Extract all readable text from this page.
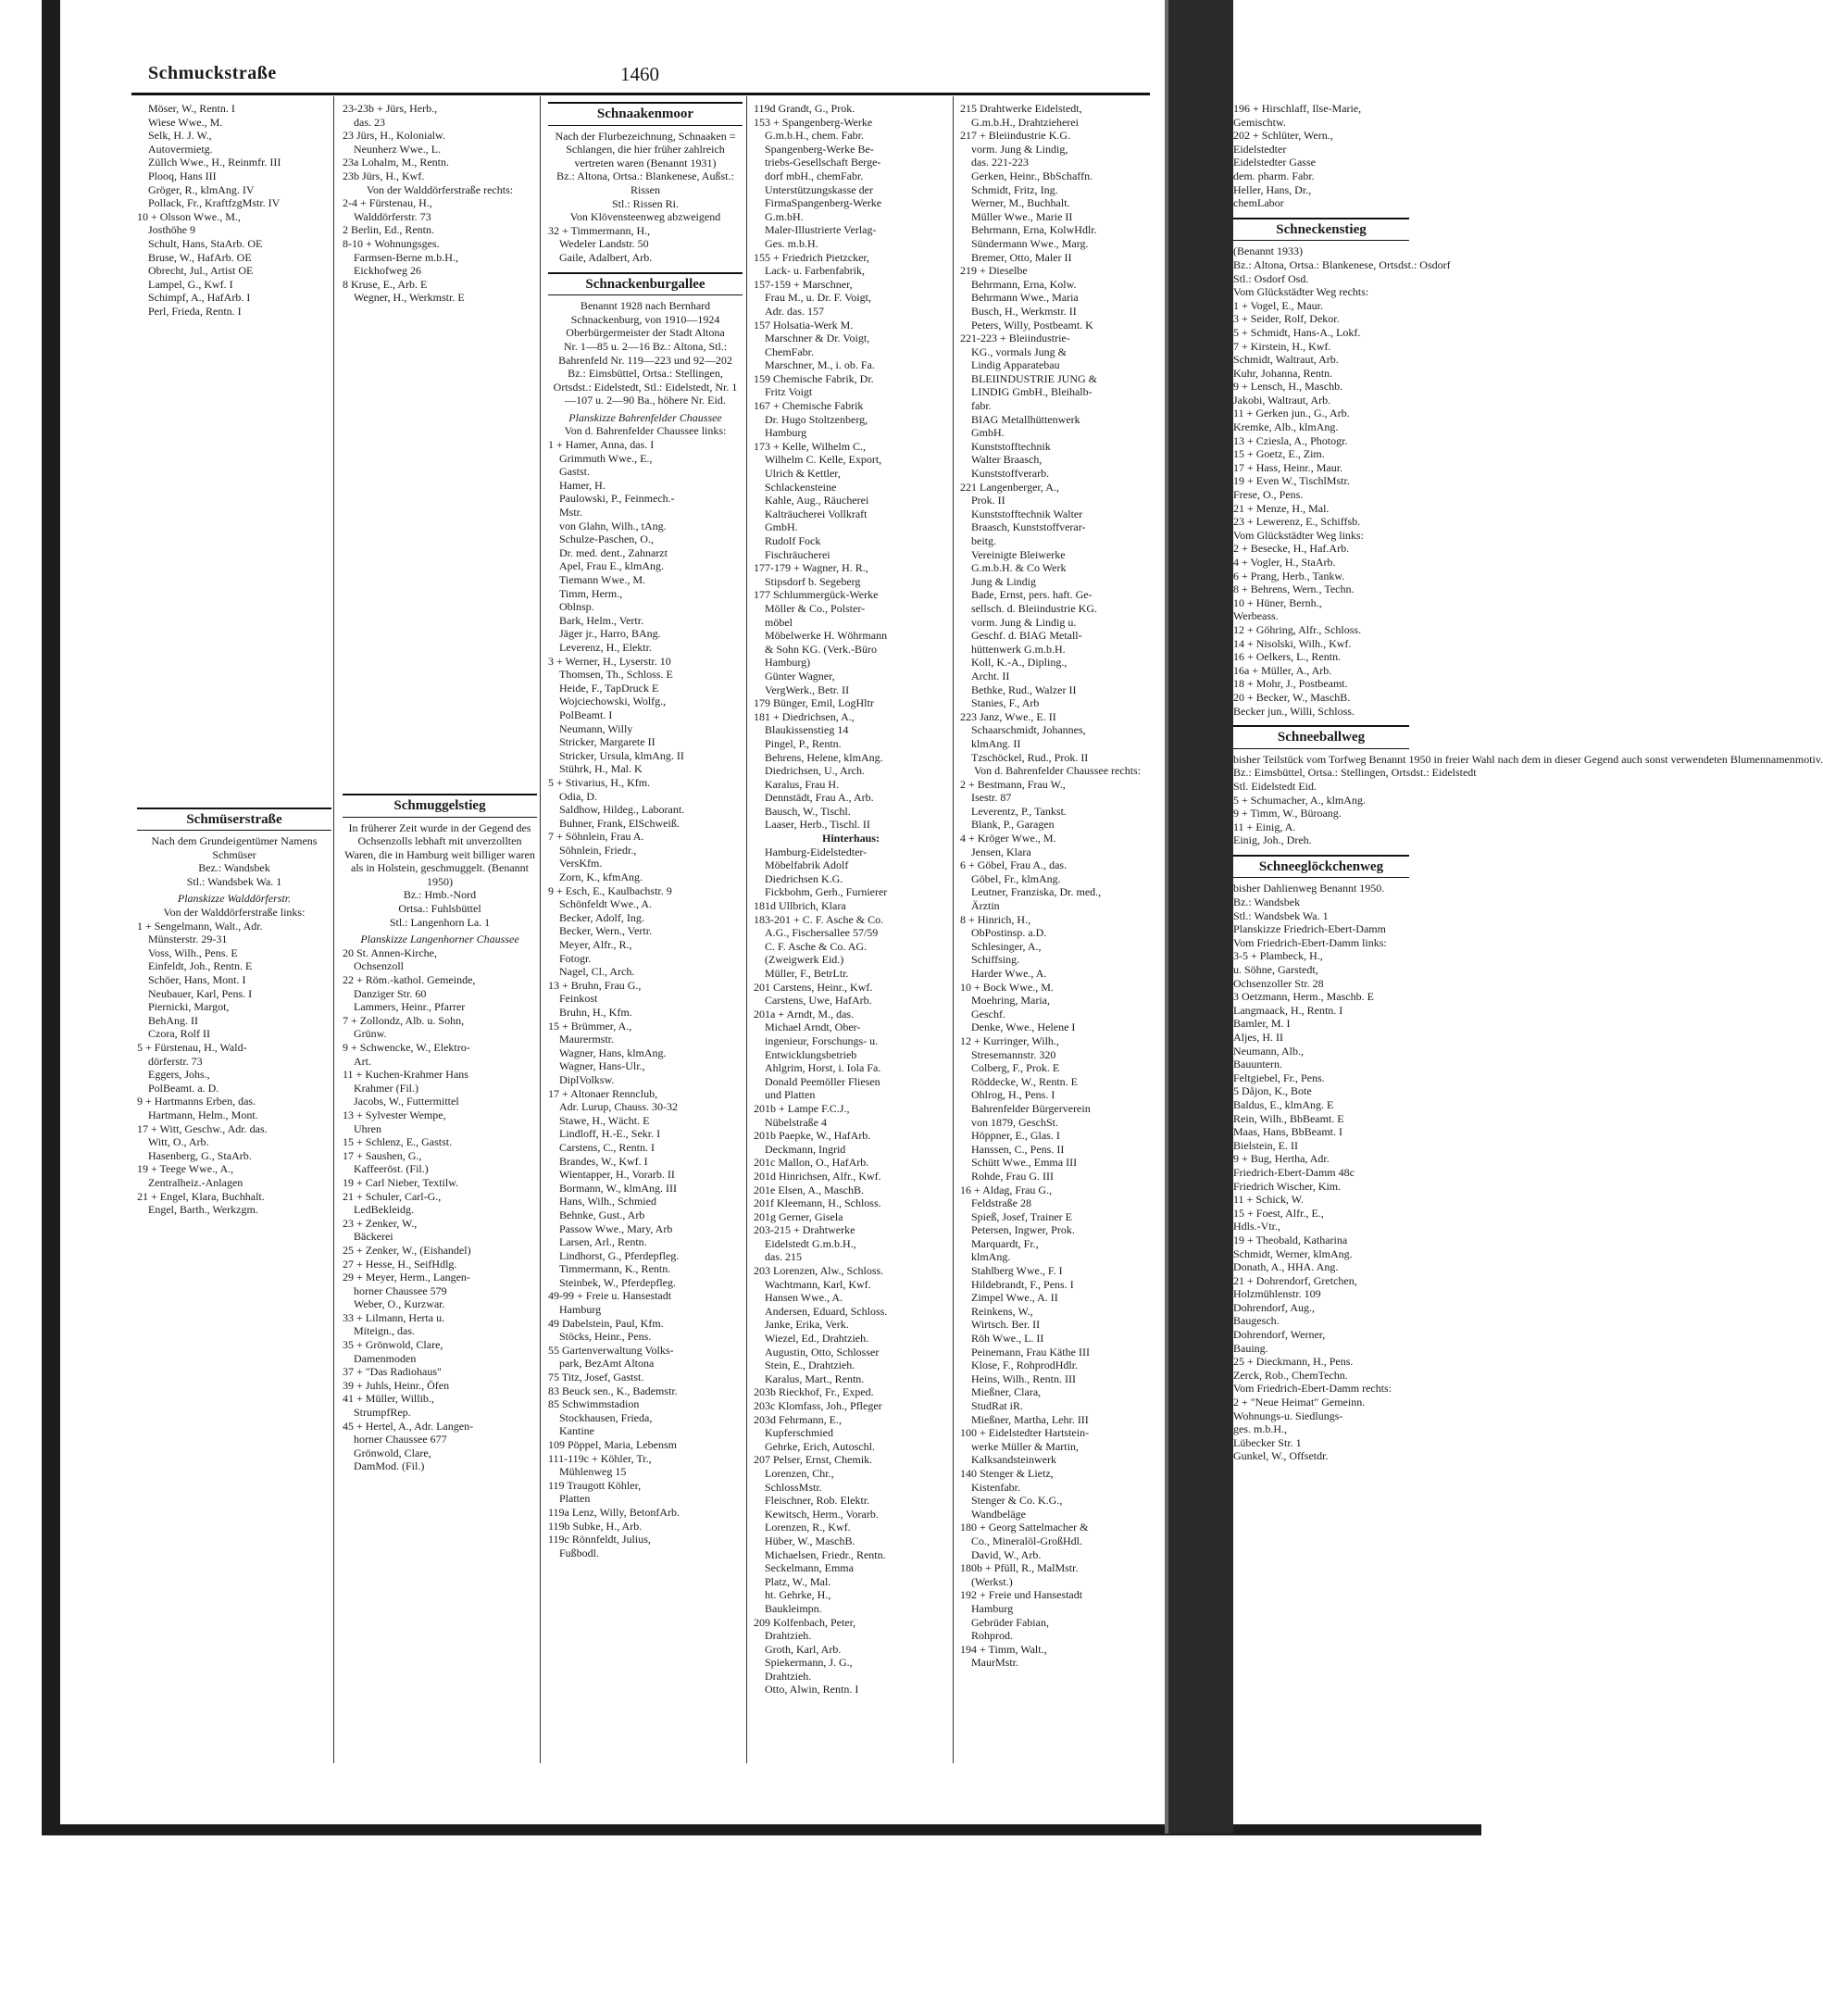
Schmuckstraße	1460

Möser, W., Rentn. I

Wiese Wwe., M.

Selk, H. J. W.,

Autovermietg.

Züllch Wwe., H., Reinmfr. III

Plooq, Hans III

Gröger, R., klmAng. IV

Pollack, Fr., KraftfzgMstr. IV

10 + Olsson Wwe., M.,

Josthöhe 9

Schult, Hans, StaArb. OE

Bruse, W., HafArb. OE

Obrecht, Jul., Artist OE

Lampel, G., Kwf. I

Schimpf, A., HafArb. I

Perl, Frieda, Rentn. I

Schmüserstraße

Nach dem Grundeigentümer Namens Schmüser

Bez.: Wandsbek

Stl.: Wandsbek Wa. 1

Planskizze Walddörferstr.

Von der Walddörferstraße links:

1 + Sengelmann, Walt., Adr.

Münsterstr. 29-31

Voss, Wilh., Pens. E

Einfeldt, Joh., Rentn. E

Schöer, Hans, Mont. I

Neubauer, Karl, Pens. I

Piernicki, Margot,

BehAng. II

Czora, Rolf II

5 + Fürstenau, H., Wald-

dörferstr. 73

Eggers, Johs.,

PolBeamt. a. D.

9 + Hartmanns Erben, das.

Hartmann, Helm., Mont.

17 + Witt, Geschw., Adr. das.

Witt, O., Arb.

Hasenberg, G., StaArb.

19 + Teege Wwe., A.,

Zentralheiz.-Anlagen

21 + Engel, Klara, Buchhalt.

Engel, Barth., Werkzgm.

23-23b + Jürs, Herb.,

das. 23

23 Jürs, H., Kolonialw.

Neunherz Wwe., L.

23a Lohalm, M., Rentn.

23b Jürs, H., Kwf.

Von der Walddörferstraße rechts:

2-4 + Fürstenau, H.,

Walddörferstr. 73

2 Berlin, Ed., Rentn.

8-10 + Wohnungsges.

Farmsen-Berne m.b.H.,

Eickhofweg 26

8 Kruse, E., Arb. E

Wegner, H., Werkmstr. E

Schmuggelstieg

In früherer Zeit wurde in der Gegend des Ochsenzolls lebhaft mit unverzollten Waren, die in Hamburg weit billiger waren als in Holstein, geschmuggelt. (Benannt 1950)

Bz.: Hmb.-Nord

Ortsa.: Fuhlsbüttel

Stl.: Langenhorn La. 1

Planskizze Langenhorner Chaussee

20 St. Annen-Kirche,

Ochsenzoll

22 + Röm.-kathol. Gemeinde,

Danziger Str. 60

Lammers, Heinr., Pfarrer

7 + Zollondz, Alb. u. Sohn,

Grünw.

9 + Schwencke, W., Elektro-

Art.

11 + Kuchen-Krahmer Hans

Krahmer (Fil.)

Jacobs, W., Futtermittel

13 + Sylvester Wempe,

Uhren

15 + Schlenz, E., Gastst.

17 + Saushen, G.,

Kaffeeröst. (Fil.)

19 + Carl Nieber, Textilw.

21 + Schuler, Carl-G.,

LedBekleidg.

23 + Zenker, W.,

Bäckerei

25 + Zenker, W., (Eishandel)

27 + Hesse, H., SeifHdlg.

29 + Meyer, Herm., Langen-

horner Chaussee 579

Weber, O., Kurzwar.

33 + Lilmann, Herta u.

Miteign., das.

35 + Grönwold, Clare,

Damenmoden

37 + "Das Radiohaus"

39 + Juhls, Heinr., Öfen

41 + Müller, Willib.,

StrumpfRep.

45 + Hertel, A., Adr. Langen-

horner Chaussee 677

Grönwold, Clare,

DamMod. (Fil.)

Schnaakenmoor

Nach der Flurbezeichnung, Schnaaken = Schlangen, die hier früher zahlreich vertreten waren (Benannt 1931)

Bz.: Altona, Ortsa.: Blankenese, Außst.: Rissen

Stl.: Rissen Ri.

Von Klövensteenweg abzweigend

32 + Timmermann, H.,

Wedeler Landstr. 50

Gaile, Adalbert, Arb.

Schnackenburgallee

Benannt 1928 nach Bernhard Schnackenburg, von 1910—1924 Oberbürgermeister der Stadt Altona

Nr. 1—85 u. 2—16 Bz.: Altona, Stl.: Bahrenfeld Nr. 119—223 und 92—202 Bz.: Eimsbüttel, Ortsa.: Stellingen, Ortsdst.: Eidelstedt, Stl.: Eidelstedt, Nr. 1—107 u. 2—90 Ba., höhere Nr. Eid.

Planskizze Bahrenfelder Chaussee

Von d. Bahrenfelder Chaussee links:

1 + Hamer, Anna, das. I

Grimmuth Wwe., E.,

Gastst.

Hamer, H.

Paulowski, P., Feinmech.-

Mstr.

von Glahn, Wilh., tAng.

Schulze-Paschen, O.,

Dr. med. dent., Zahnarzt

Apel, Frau E., klmAng.

Tiemann Wwe., M.

Timm, Herm.,

Oblnsp.

Bark, Helm., Vertr.

Jäger jr., Harro, BAng.

Leverenz, H., Elektr.

3 + Werner, H., Lyserstr. 10

Thomsen, Th., Schloss. E

Heide, F., TapDruck E

Wojciechowski, Wolfg.,

PolBeamt. I

Neumann, Willy

Stricker, Margarete II

Stricker, Ursula, klmAng. II

Stührk, H., Mal. K

5 + Stivarius, H., Kfm.

Odia, D.

Saldhow, Hildeg., Laborant.

Buhner, Frank, ElSchweiß.

7 + Söhnlein, Frau A.

Söhnlein, Friedr.,

VersKfm.

Zorn, K., kfmAng.

9 + Esch, E., Kaulbachstr. 9

Schönfeldt Wwe., A.

Becker, Adolf, Ing.

Becker, Wern., Vertr.

Meyer, Alfr., R.,

Fotogr.

Nagel, Cl., Arch.

13 + Bruhn, Frau G.,

Feinkost

Bruhn, H., Kfm.

15 + Brümmer, A.,

Maurermstr.

Wagner, Hans, klmAng.

Wagner, Hans-Ulr.,

DiplVolksw.

17 + Altonaer Rennclub,

Adr. Lurup, Chauss. 30-32

Stawe, H., Wächt. E

Lindloff, H.-E., Sekr. I

Carstens, C., Rentn. I

Brandes, W., Kwf. I

Wientapper, H., Vorarb. II

Bormann, W., klmAng. III

Hans, Wilh., Schmied

Behnke, Gust., Arb

Passow Wwe., Mary, Arb

Larsen, Arl., Rentn.

Lindhorst, G., Pferdepfleg.

Timmermann, K., Rentn.

Steinbek, W., Pferdepfleg.

49-99 + Freie u. Hansestadt

Hamburg

49 Dabelstein, Paul, Kfm.

Stöcks, Heinr., Pens.

55 Gartenverwaltung Volks-

park, BezAmt Altona

75 Titz, Josef, Gastst.

83 Beuck sen., K., Bademstr.

85 Schwimmstadion

Stockhausen, Frieda,

Kantine

109 Pöppel, Maria, Lebensm

111-119c + Köhler, Tr.,

Mühlenweg 15

119 Traugott Köhler,

Platten

119a Lenz, Willy, BetonfArb.

119b Subke, H., Arb.

119c Rönnfeldt, Julius,

Fußbodl.

119d Grandt, G., Prok.

153 + Spangenberg-Werke

G.m.b.H., chem. Fabr.

Spangenberg-Werke Be-

triebs-Gesellschaft Berge-

dorf mbH., chemFabr.

Unterstützungskasse der

FirmaSpangenberg-Werke

G.m.bH.

Maler-Illustrierte Verlag-

Ges. m.b.H.

155 + Friedrich Pietzcker,

Lack- u. Farbenfabrik,

157-159 + Marschner,

Frau M., u. Dr. F. Voigt,

Adr. das. 157

157 Holsatia-Werk M.

Marschner & Dr. Voigt,

ChemFabr.

Marschner, M., i. ob. Fa.

159 Chemische Fabrik, Dr.

Fritz Voigt

167 + Chemische Fabrik

Dr. Hugo Stoltzenberg,

Hamburg

173 + Kelle, Wilhelm C.,

Wilhelm C. Kelle, Export,

Ulrich & Kettler,

Schlackensteine

Kahle, Aug., Räucherei

Kalträucherei Vollkraft

GmbH.

Rudolf Fock

Fischräucherei

177-179 + Wagner, H. R.,

Stipsdorf b. Segeberg

177 Schlummergück-Werke

Möller & Co., Polster-

möbel

Möbelwerke H. Wöhrmann

& Sohn KG. (Verk.-Büro

Hamburg)

Günter Wagner,

VergWerk., Betr. II

179 Bünger, Emil, LogHltr

181 + Diedrichsen, A.,

Blaukissenstieg 14

Pingel, P., Rentn.

Behrens, Helene, klmAng.

Diedrichsen, U., Arch.

Karalus, Frau H.

Dennstädt, Frau A., Arb.

Bausch, W., Tischl.

Laaser, Herb., Tischl. II

Hinterhaus:

Hamburg-Eidelstedter-

Möbelfabrik Adolf

Diedrichsen K.G.

Fickbohm, Gerh., Furnierer

181d Ullbrich, Klara

183-201 + C. F. Asche & Co.

A.G., Fischersallee 57/59

C. F. Asche & Co. AG.

(Zweigwerk Eid.)

Müller, F., BetrLtr.

201 Carstens, Heinr., Kwf.

Carstens, Uwe, HafArb.

201a + Arndt, M., das.

Michael Arndt, Ober-

ingenieur, Forschungs- u.

Entwicklungsbetrieb

Ahlgrim, Horst, i. Iola Fa.

Donald Peemöller Fliesen

und Platten

201b + Lampe F.C.J.,

Nübelstraße 4

201b Paepke, W., HafArb.

Deckmann, Ingrid

201c Mallon, O., HafArb.

201d Hinrichsen, Alfr., Kwf.

201e Elsen, A., MaschB.

201f Kleemann, H., Schloss.

201g Gerner, Gisela

203-215 + Drahtwerke

Eidelstedt G.m.b.H.,

das. 215

203 Lorenzen, Alw., Schloss.

Wachtmann, Karl, Kwf.

Hansen Wwe., A.

Andersen, Eduard, Schloss.

Janke, Erika, Verk.

Wiezel, Ed., Drahtzieh.

Augustin, Otto, Schlosser

Stein, E., Drahtzieh.

Karalus, Mart., Rentn.

203b Rieckhof, Fr., Exped.

203c Klomfass, Joh., Pfleger

203d Fehrmann, E.,

Kupferschmied

Gehrke, Erich, Autoschl.

207 Pelser, Ernst, Chemik.

Lorenzen, Chr.,

SchlossMstr.

Fleischner, Rob. Elektr.

Kewitsch, Herm., Vorarb.

Lorenzen, R., Kwf.

Hüber, W., MaschB.

Michaelsen, Friedr., Rentn.

Seckelmann, Emma

Platz, W., Mal.

ht. Gehrke, H.,

Baukleimpn.

209 Kolfenbach, Peter,

Drahtzieh.

Groth, Karl, Arb.

Spiekermann, J. G.,

Drahtzieh.

Otto, Alwin, Rentn. I

215 Drahtwerke Eidelstedt,

G.m.b.H., Drahtzieherei

217 + Bleiindustrie K.G.

vorm. Jung & Lindig,

das. 221-223

Gerken, Heinr., BbSchaffn.

Schmidt, Fritz, Ing.

Werner, M., Buchhalt.

Müller Wwe., Marie II

Behrmann, Erna, KolwHdlr.

Sündermann Wwe., Marg.

Bremer, Otto, Maler II

219 + Dieselbe

Behrmann, Erna, Kolw.

Behrmann Wwe., Maria

Busch, H., Werkmstr. II

Peters, Willy, Postbeamt. K

221-223 + Bleiindustrie-

KG., vormals Jung &

Lindig Apparatebau

BLEIINDUSTRIE JUNG &

LINDIG GmbH., Bleihalb-

fabr.

BIAG Metallhüttenwerk

GmbH.

Kunststofftechnik

Walter Braasch,

Kunststoffverarb.

221 Langenberger, A.,

Prok. II

Kunststofftechnik Walter

Braasch, Kunststoffverar-

beitg.

Vereinigte Bleiwerke

G.m.b.H. & Co Werk

Jung & Lindig

Bade, Ernst, pers. haft. Ge-

sellsch. d. Bleiindustrie KG.

vorm. Jung & Lindig u.

Geschf. d. BIAG Metall-

hüttenwerk G.m.b.H.

Koll, K.-A., Dipling.,

Archt. II

Bethke, Rud., Walzer II

Stanies, F., Arb

223 Janz, Wwe., E. II

Schaarschmidt, Johannes,

klmAng. II

Tzschöckel, Rud., Prok. II

Von d. Bahrenfelder Chaussee rechts:

2 + Bestmann, Frau W.,

Isestr. 87

Leverentz, P., Tankst.

Blank, P., Garagen

4 + Kröger Wwe., M.

Jensen, Klara

6 + Göbel, Frau A., das.

Göbel, Fr., klmAng.

Leutner, Franziska, Dr. med.,

Ärztin

8 + Hinrich, H.,

ObPostinsp. a.D.

Schlesinger, A.,

Schiffsing.

Harder Wwe., A.

10 + Bock Wwe., M.

Moehring, Maria,

Geschf.

Denke, Wwe., Helene I

12 + Kurringer, Wilh.,

Stresemannstr. 320

Colberg, F., Prok. E

Röddecke, W., Rentn. E

Ohlrog, H., Pens. I

Bahrenfelder Bürgerverein

von 1879, GeschSt.

Höppner, E., Glas. I

Hanssen, C., Pens. II

Schütt Wwe., Emma III

Rohde, Frau G. III

16 + Aldag, Frau G.,

Feldstraße 28

Spieß, Josef, Trainer E

Petersen, Ingwer, Prok.

Marquardt, Fr.,

klmAng.

Stahlberg Wwe., F. I

Hildebrandt, F., Pens. I

Zimpel Wwe., A. II

Reinkens, W.,

Wirtsch. Ber. II

Röh Wwe., L. II

Peinemann, Frau Käthe III

Klose, F., RohprodHdlr.

Heins, Wilh., Rentn. III

Mießner, Clara,

StudRat iR.

Mießner, Martha, Lehr. III

100 + Eidelstedter Hartstein-

werke Müller & Martin,

Kalksandsteinwerk

140 Stenger & Lietz,

Kistenfabr.

Stenger & Co. K.G.,

Wandbeläge

180 + Georg Sattelmacher &

Co., Mineralöl-GroßHdl.

David, W., Arb.

180b + Pfüll, R., MalMstr.

(Werkst.)

192 + Freie und Hansestadt

Hamburg

Gebrüder Fabian,

Rohprod.

194 + Timm, Walt.,

MaurMstr.

196 + Hirschlaff, Ilse-Marie,

Gemischtw.

202 + Schlüter, Wern.,

Eidelstedter

Eidelstedter Gasse

dem. pharm. Fabr.

Heller, Hans, Dr.,

chemLabor

Schneckenstieg

(Benannt 1933)

Bz.: Altona, Ortsa.: Blankenese, Ortsdst.: Osdorf

Stl.: Osdorf Osd.

Vom Glückstädter Weg rechts:

1 + Vogel, E., Maur.

3 + Seider, Rolf, Dekor.

5 + Schmidt, Hans-A., Lokf.

7 + Kirstein, H., Kwf.

Schmidt, Waltraut, Arb.

Kuhr, Johanna, Rentn.

9 + Lensch, H., Maschb.

Jakobi, Waltraut, Arb.

11 + Gerken jun., G., Arb.

Kremke, Alb., klmAng.

13 + Cziesla, A., Photogr.

15 + Goetz, E., Zim.

17 + Hass, Heinr., Maur.

19 + Even W., TischlMstr.

Frese, O., Pens.

21 + Menze, H., Mal.

23 + Lewerenz, E., Schiffsb.

Vom Glückstädter Weg links:

2 + Besecke, H., Haf.Arb.

4 + Vogler, H., StaArb.

6 + Prang, Herb., Tankw.

8 + Behrens, Wern., Techn.

10 + Hüner, Bernh.,

Werbeass.

12 + Göhring, Alfr., Schloss.

14 + Nisolski, Wilh., Kwf.

16 + Oelkers, L., Rentn.

16a + Müller, A., Arb.

18 + Mohr, J., Postbeamt.

20 + Becker, W., MaschB.

Becker jun., Willi, Schloss.

Schneeballweg

bisher Teilstück vom Torfweg Benannt 1950 in freier Wahl nach dem in dieser Gegend auch sonst verwendeten Blumennamenmotiv.

Bz.: Eimsbüttel, Ortsa.: Stellingen, Ortsdst.: Eidelstedt

Stl. Eidelstedt Eid.

5 + Schumacher, A., klmAng.

9 + Timm, W., Büroang.

11 + Einig, A.

Einig, Joh., Dreh.

Schneeglöckchenweg

bisher Dahlienweg Benannt 1950.

Bz.: Wandsbek

Stl.: Wandsbek Wa. 1

Planskizze Friedrich-Ebert-Damm

Vom Friedrich-Ebert-Damm links:

3-5 + Plambeck, H.,

u. Söhne, Garstedt,

Ochsenzoller Str. 28

3 Oetzmann, Herm., Maschb. E

Langmaack, H., Rentn. I

Bamler, M. I

Aljes, H. II

Neumann, Alb.,

Bauuntern.

Feltgiebel, Fr., Pens.

5 Dåjon, K., Bote

Baldus, E., klmAng. E

Rein, Wilh., BbBeamt. E

Maas, Hans, BbBeamt. I

Bielstein, E. II

9 + Bug, Hertha, Adr.

Friedrich-Ebert-Damm 48c

Friedrich Wischer, Kim.

11 + Schick, W.

15 + Foest, Alfr., E.,

Hdls.-Vtr.,

19 + Theobald, Katharina

Schmidt, Werner, klmAng.

Donath, A., HHA. Ang.

21 + Dohrendorf, Gretchen,

Holzmühlenstr. 109

Dohrendorf, Aug.,

Baugesch.

Dohrendorf, Werner,

Bauing.

25 + Dieckmann, H., Pens.

Zerck, Rob., ChemTechn.

Vom Friedrich-Ebert-Damm rechts:

2 + "Neue Heimat" Gemeinn.

Wohnungs-u. Siedlungs-

ges. m.b.H.,

Lübecker Str. 1

Gunkel, W., Offsetdr.
